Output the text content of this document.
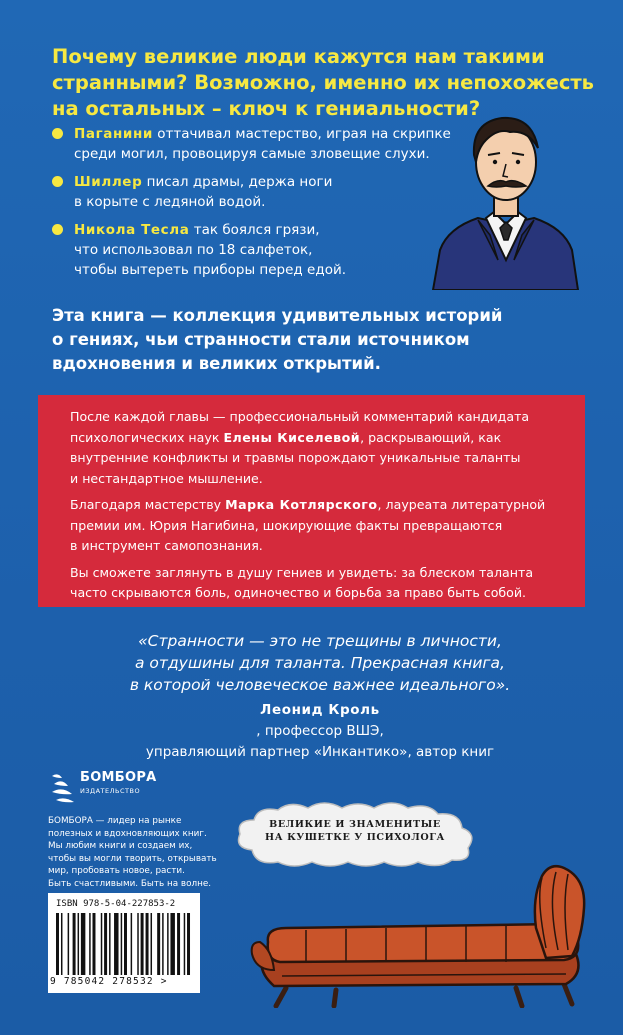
Почему великие люди кажутся нам такими
странными? Возможно, именно их непохожесть
на остальных – ключ к гениальности?
Паганини оттачивал мастерство, играя на скрипке
среди могил, провоцируя самые зловещие слухи.
Шиллер писал драмы, держа ноги
в корыте с ледяной водой.
Никола Тесла так боялся грязи,
что использовал по 18 салфеток,
чтобы вытереть приборы перед едой.

Эта книга — коллекция удивительных историй
о гениях, чьи странности стали источником
вдохновения и великих открытий.

После каждой главы — профессиональный комментарий кандидата
психологических наук Елены Киселевой, раскрывающий, как
внутренние конфликты и травмы порождают уникальные таланты
и нестандартное мышление.

Благодаря мастерству Марка Котлярского, лауреата литературной
премии им. Юрия Нагибина, шокирующие факты превращаются
в инструмент самопознания.

Вы сможете заглянуть в душу гениев и увидеть: за блеском таланта
часто скрываются боль, одиночество и борьба за право быть собой.

«Странности — это не трещины в личности,
а отдушины для таланта. Прекрасная книга,
в которой человеческое важнее идеального».

Леонид Кроль
, профессор ВШЭ,
управляющий партнер «Инкантико», автор книг

БОМБОРА
ИЗДАТЕЛЬСТВО

БОМБОРА — лидер на рынке
полезных и вдохновляющих книг.
Мы любим книги и создаем их,
чтобы вы могли творить, открывать
мир, пробовать новое, расти.
Быть счастливыми. Быть на волне.

ISBN 978-5-04-227853-2
9 785042 278532 >
ВЕЛИКИЕ И ЗНАМЕНИТЫЕ
НА КУШЕТКЕ У ПСИХОЛОГА
